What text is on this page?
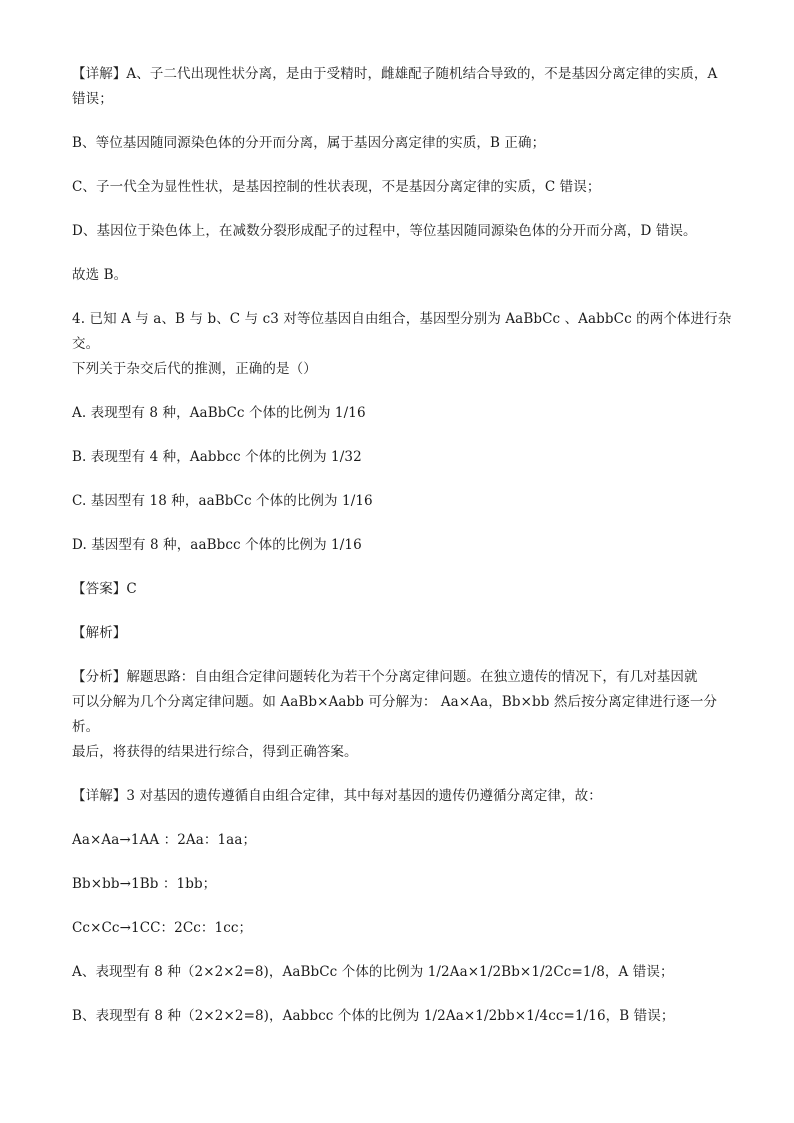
【详解】A、子二代出现性状分离，是由于受精时，雌雄配子随机结合导致的，不是基因分离定律的实质，A
错误；

B、等位基因随同源染色体的分开而分离，属于基因分离定律的实质，B 正确；

C、子一代全为显性性状，是基因控制的性状表现，不是基因分离定律的实质，C 错误；

D、基因位于染色体上，在减数分裂形成配子的过程中，等位基因随同源染色体的分开而分离，D 错误。

故选 B。

4. 已知 A 与 a、B 与 b、C 与 c3 对等位基因自由组合，基因型分别为 AaBbCc 、AabbCc 的两个体进行杂交。
下列关于杂交后代的推测，正确的是（）

A. 表现型有 8 种，AaBbCc 个体的比例为 1/16

B. 表现型有 4 种，Aabbcc 个体的比例为 1/32

C. 基因型有 18 种，aaBbCc 个体的比例为 1/16

D. 基因型有 8 种，aaBbcc 个体的比例为 1/16

【答案】C

【解析】

【分析】解题思路：自由组合定律问题转化为若干个分离定律问题。在独立遗传的情况下，有几对基因就
可以分解为几个分离定律问题。如 AaBb×Aabb 可分解为： Aa×Aa，Bb×bb 然后按分离定律进行逐一分析。
最后，将获得的结果进行综合，得到正确答案。

【详解】3 对基因的遗传遵循自由组合定律，其中每对基因的遗传仍遵循分离定律，故：

Aa×Aa→1AA ：2Aa：1aa；

Bb×bb→1Bb ：1bb；

Cc×Cc→1CC：2Cc：1cc；

A、表现型有 8 种（2×2×2=8)，AaBbCc 个体的比例为 1/2Aa×1/2Bb×1/2Cc=1/8，A 错误；

B、表现型有 8 种（2×2×2=8)，Aabbcc 个体的比例为 1/2Aa×1/2bb×1/4cc=1/16，B 错误；
